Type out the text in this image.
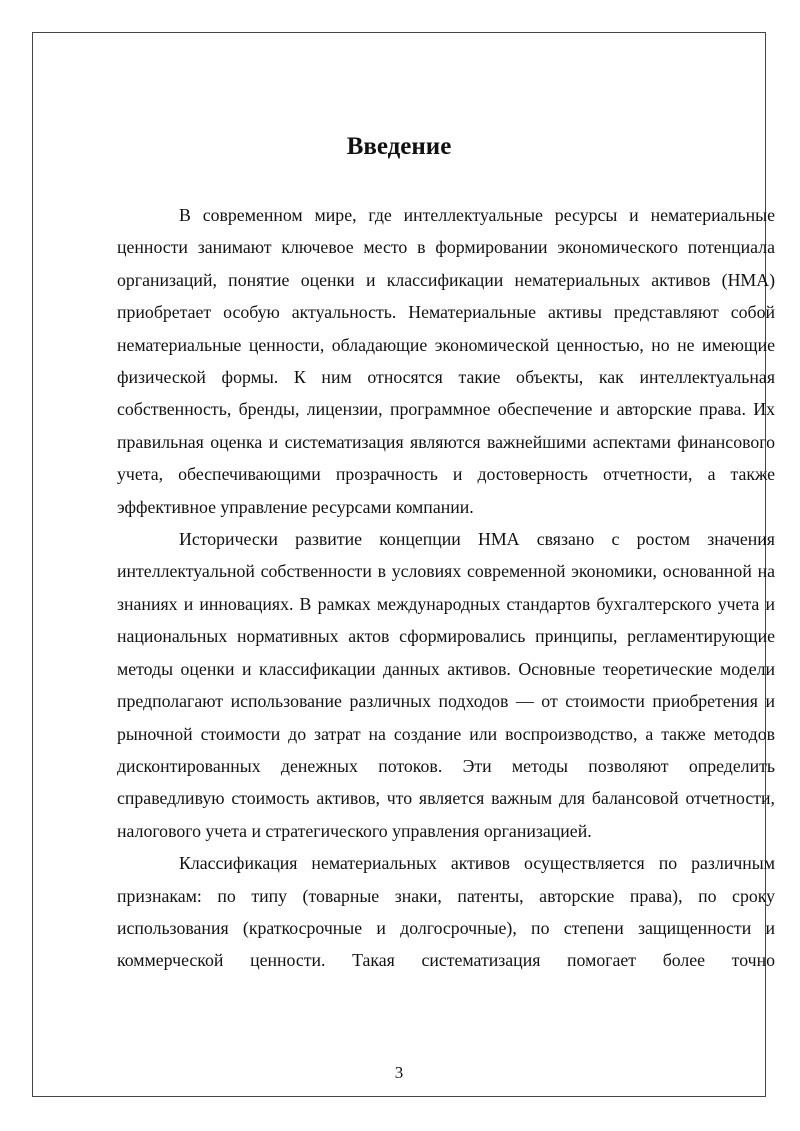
Введение

В современном мире, где интеллектуальные ресурсы и нематериальные ценности занимают ключевое место в формировании экономического потенциала организаций, понятие оценки и классификации нематериальных активов (НМА) приобретает особую актуальность. Нематериальные активы представляют собой нематериальные ценности, обладающие экономической ценностью, но не имеющие физической формы. К ним относятся такие объекты, как интеллектуальная собственность, бренды, лицензии, программное обеспечение и авторские права. Их правильная оценка и систематизация являются важнейшими аспектами финансового учета, обеспечивающими прозрачность и достоверность отчетности, а также эффективное управление ресурсами компании.

Исторически развитие концепции НМА связано с ростом значения интеллектуальной собственности в условиях современной экономики, основанной на знаниях и инновациях. В рамках международных стандартов бухгалтерского учета и национальных нормативных актов сформировались принципы, регламентирующие методы оценки и классификации данных активов. Основные теоретические модели предполагают использование различных подходов — от стоимости приобретения и рыночной стоимости до затрат на создание или воспроизводство, а также методов дисконтированных денежных потоков. Эти методы позволяют определить справедливую стоимость активов, что является важным для балансовой отчетности, налогового учета и стратегического управления организацией.

Классификация нематериальных активов осуществляется по различным признакам: по типу (товарные знаки, патенты, авторские права), по сроку использования (краткосрочные и долгосрочные), по степени защищенности и коммерческой ценности. Такая систематизация помогает более точно

3
